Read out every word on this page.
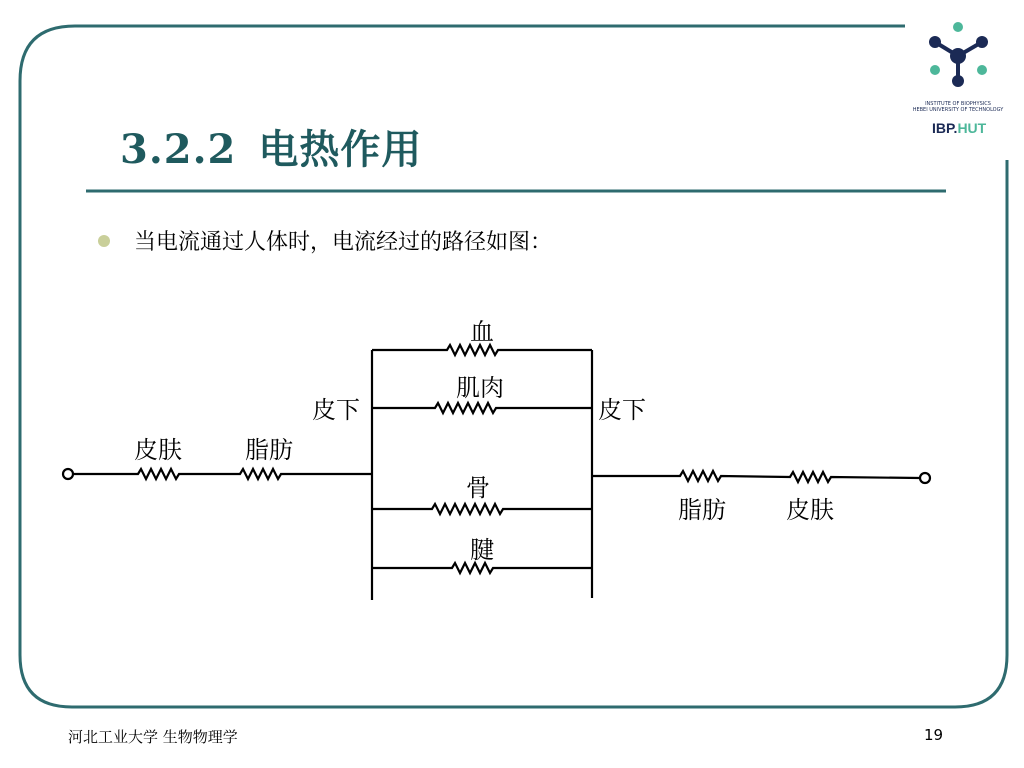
INSTITUTE OF BIOPHYSICS
HEBEI UNIVERSITY OF TECHNOLOGY
IBP.HUT
3.2.2 电热作用
当电流通过人体时，电流经过的路径如图：
皮肤	脂肪
皮下
血
肌肉
皮下
骨
腱
脂肪	皮肤
河北工业大学 生物物理学	19
